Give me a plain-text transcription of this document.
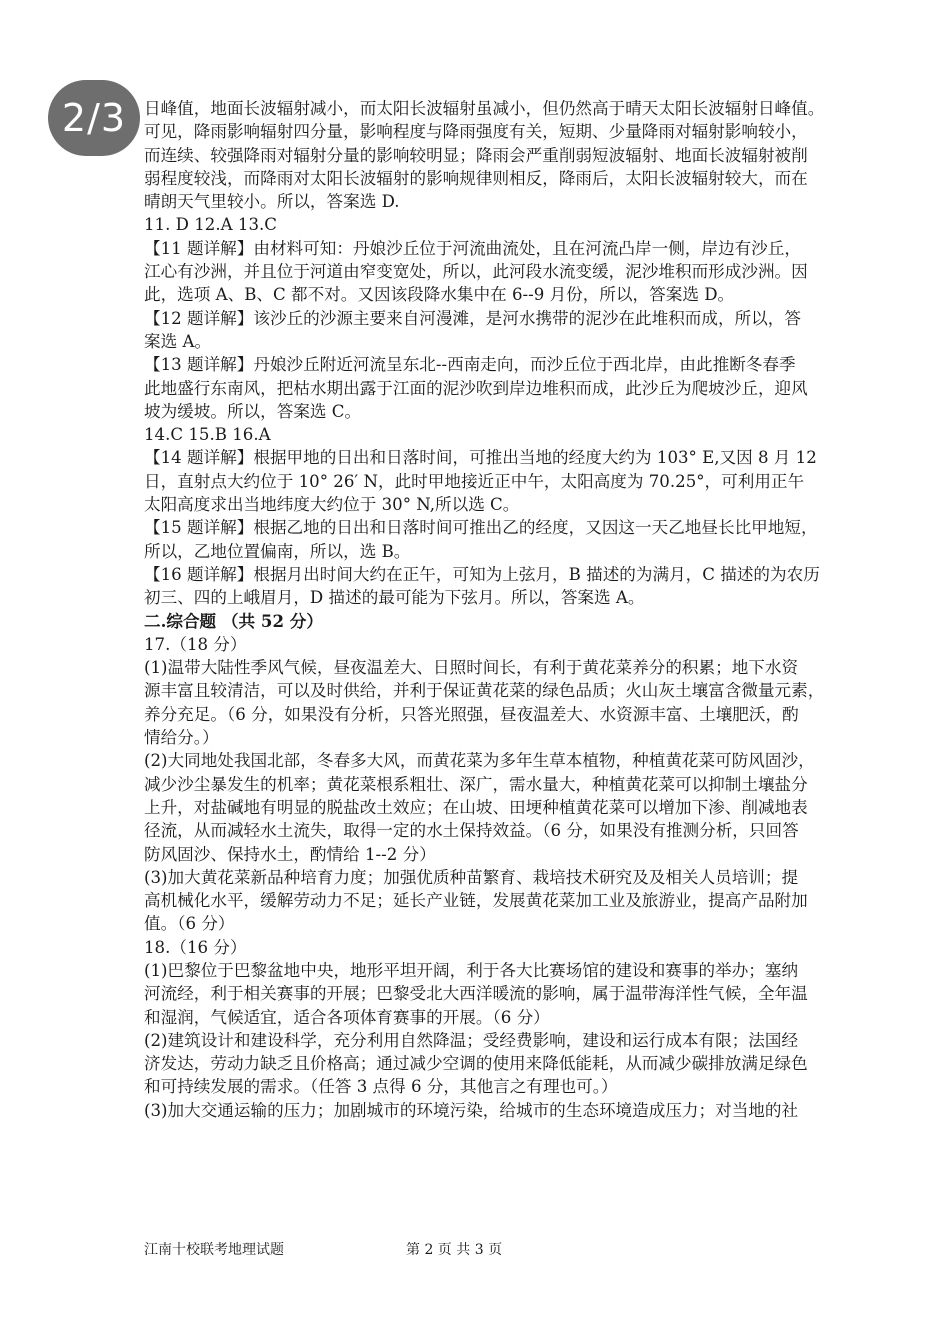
2/3	日峰值，地面长波辐射减小，而太阳长波辐射虽减小，但仍然高于晴天太阳长波辐射日峰值。
可见，降雨影响辐射四分量，影响程度与降雨强度有关，短期、少量降雨对辐射影响较小，
而连续、较强降雨对辐射分量的影响较明显；降雨会严重削弱短波辐射、地面长波辐射被削
弱程度较浅，而降雨对太阳长波辐射的影响规律则相反，降雨后，太阳长波辐射较大，而在
晴朗天气里较小。所以，答案选 D.
11. D 12.A 13.C
【11 题详解】由材料可知：丹娘沙丘位于河流曲流处，且在河流凸岸一侧，岸边有沙丘，
江心有沙洲，并且位于河道由窄变宽处，所以，此河段水流变缓，泥沙堆积而形成沙洲。因
此，选项 A、B、C 都不对。又因该段降水集中在 6--9 月份，所以，答案选 D。
【12 题详解】该沙丘的沙源主要来自河漫滩，是河水携带的泥沙在此堆积而成，所以，答
案选 A。
【13 题详解】丹娘沙丘附近河流呈东北--西南走向，而沙丘位于西北岸，由此推断冬春季
此地盛行东南风，把枯水期出露于江面的泥沙吹到岸边堆积而成，此沙丘为爬坡沙丘，迎风
坡为缓坡。所以，答案选 C。
14.C 15.B 16.A
【14 题详解】根据甲地的日出和日落时间，可推出当地的经度大约为 103° E,又因 8 月 12
日，直射点大约位于 10° 26′ N，此时甲地接近正中午，太阳高度为 70.25°，可利用正午
太阳高度求出当地纬度大约位于 30° N,所以选 C。
【15 题详解】根据乙地的日出和日落时间可推出乙的经度，又因这一天乙地昼长比甲地短，
所以，乙地位置偏南，所以，选 B。
【16 题详解】根据月出时间大约在正午，可知为上弦月，B 描述的为满月，C 描述的为农历
初三、四的上峨眉月，D 描述的最可能为下弦月。所以，答案选 A。
二.综合题 （共 52 分）
17.（18 分）
(1)温带大陆性季风气候，昼夜温差大、日照时间长，有利于黄花菜养分的积累；地下水资
源丰富且较清洁，可以及时供给，并利于保证黄花菜的绿色品质；火山灰土壤富含微量元素，
养分充足。（6 分，如果没有分析，只答光照强，昼夜温差大、水资源丰富、土壤肥沃，酌
情给分。）
(2)大同地处我国北部，冬春多大风，而黄花菜为多年生草本植物，种植黄花菜可防风固沙，
减少沙尘暴发生的机率；黄花菜根系粗壮、深广，需水量大，种植黄花菜可以抑制土壤盐分
上升，对盐碱地有明显的脱盐改土效应；在山坡、田埂种植黄花菜可以增加下渗、削减地表
径流，从而减轻水土流失，取得一定的水土保持效益。（6 分，如果没有推测分析，只回答
防风固沙、保持水土，酌情给 1--2 分）
(3)加大黄花菜新品种培育力度；加强优质种苗繁育、栽培技术研究及及相关人员培训；提
高机械化水平，缓解劳动力不足；延长产业链，发展黄花菜加工业及旅游业，提高产品附加
值。（6 分）
18.（16 分）
(1)巴黎位于巴黎盆地中央，地形平坦开阔，利于各大比赛场馆的建设和赛事的举办；塞纳
河流经，利于相关赛事的开展；巴黎受北大西洋暖流的影响，属于温带海洋性气候，全年温
和湿润，气候适宜，适合各项体育赛事的开展。（6 分）
(2)建筑设计和建设科学，充分利用自然降温；受经费影响，建设和运行成本有限；法国经
济发达，劳动力缺乏且价格高；通过减少空调的使用来降低能耗，从而减少碳排放满足绿色
和可持续发展的需求。（任答 3 点得 6 分，其他言之有理也可。）
(3)加大交通运输的压力；加剧城市的环境污染，给城市的生态环境造成压力；对当地的社
江南十校联考地理试题	第 2 页 共 3 页
